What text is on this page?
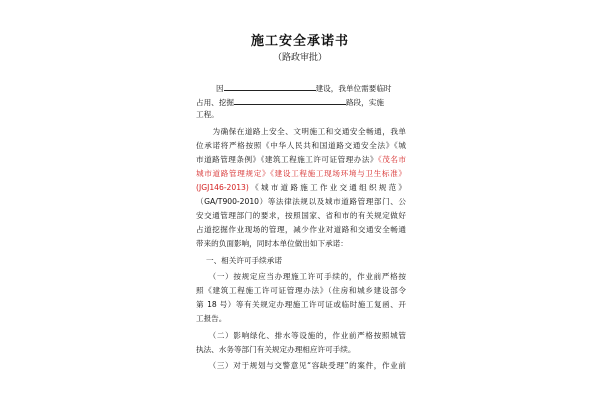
施工安全承诺书
（路政审批）
因	建设，我单位需要临时
占用、挖掘	路段，实施
工程。
为确保在道路上安全、文明施工和交通安全畅通，我单
位承诺将严格按照《中华人民共和国道路交通安全法》《城
市道路管理条例》《建筑工程施工许可证管理办法》《茂名市
城市道路管理规定》《建设工程施工现场环境与卫生标准》
(JGJ146-2013)《城市道路施工作业交通组织规范》
（GA/T900-2010）等法律法规以及城市道路管理部门、公
安交通管理部门的要求，按照国家、省和市的有关规定做好
占道挖掘作业现场的管理，减少作业对道路和交通安全畅通
带来的负面影响，同时本单位做出如下承诺：
一、相关许可手续承诺
（一）按规定应当办理施工许可手续的，作业前严格按
照《建筑工程施工许可证管理办法》（住房和城乡建设部令
第 18 号）等有关规定办理施工许可证或临时施工复函、开
工报告。
（二）影响绿化、排水等设施的，作业前严格按照城管
执法、水务等部门有关规定办理相应许可手续。
（三）对于规划与交警意见“容缺受理”的案件，作业前
